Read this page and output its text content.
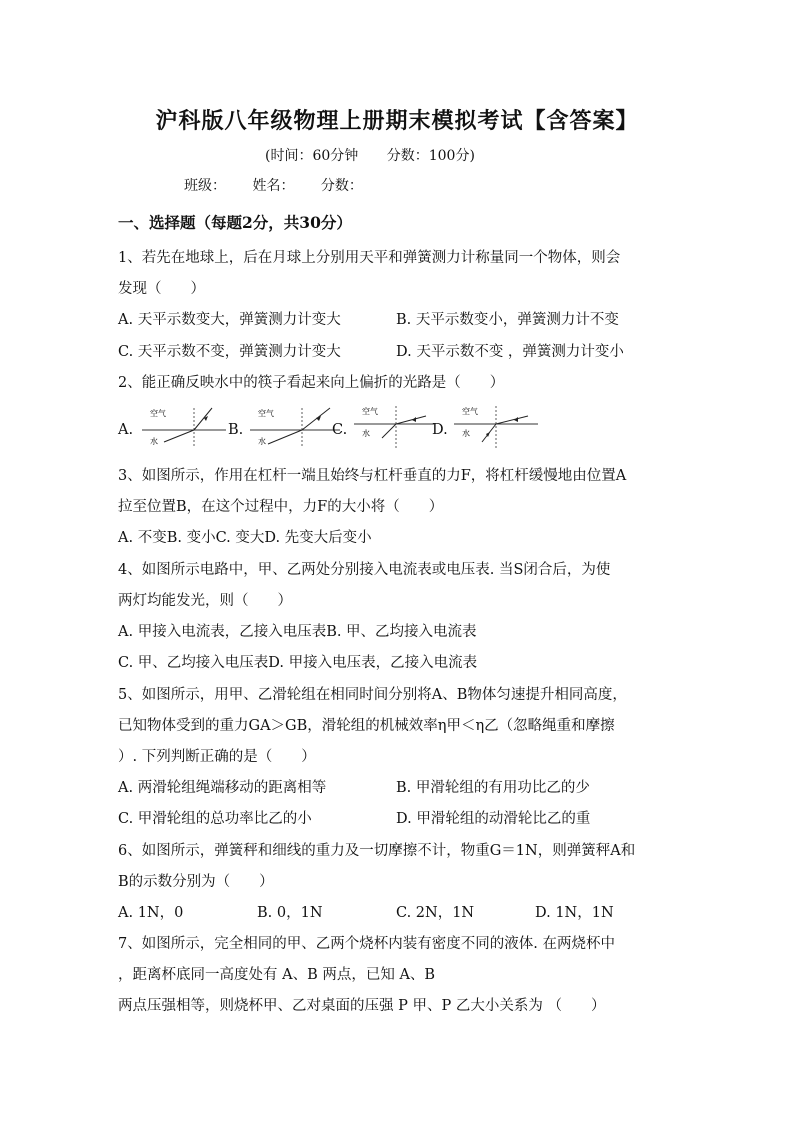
沪科版八年级物理上册期末模拟考试【含答案】
(时间：60分钟 分数：100分)
班级： 姓名： 分数：
一、选择题（每题2分，共30分）
1、若先在地球上，后在月球上分别用天平和弹簧测力计称量同一个物体，则会
发现（　　）
A. 天平示数变大，弹簧测力计变大	B. 天平示数变小，弹簧测力计不变
C. 天平示数不变，弹簧测力计变大	D. 天平示数不变 ，弹簧测力计变小
2、能正确反映水中的筷子看起来向上偏折的光路是（　　）
A.
空气
水
B.
空气
水
C.
空气
水	D.
空气
水
3、如图所示，作用在杠杆一端且始终与杠杆垂直的力F，将杠杆缓慢地由位置A
拉至位置B，在这个过程中，力F的大小将（　　）
A. 不变B. 变小C. 变大D. 先变大后变小
4、如图所示电路中，甲、乙两处分别接入电流表或电压表. 当S闭合后，为使
两灯均能发光，则（　　）
A. 甲接入电流表，乙接入电压表B. 甲、乙均接入电流表
C. 甲、乙均接入电压表D. 甲接入电压表，乙接入电流表
5、如图所示，用甲、乙滑轮组在相同时间分别将A、B物体匀速提升相同高度，
已知物体受到的重力GA＞GB，滑轮组的机械效率η甲＜η乙（忽略绳重和摩擦
）. 下列判断正确的是（　　）
A. 两滑轮组绳端移动的距离相等	B. 甲滑轮组的有用功比乙的少
C. 甲滑轮组的总功率比乙的小	D. 甲滑轮组的动滑轮比乙的重
6、如图所示，弹簧秤和细线的重力及一切摩擦不计，物重G＝1N，则弹簧秤A和
B的示数分别为（　　）
A. 1N，0	B. 0，1N	C. 2N，1N	D. 1N，1N
7、如图所示，完全相同的甲、乙两个烧杯内装有密度不同的液体. 在两烧杯中
，距离杯底同一高度处有 A、B 两点，已知 A、B
两点压强相等，则烧杯甲、乙对桌面的压强 P 甲、P 乙大小关系为 （　　）
